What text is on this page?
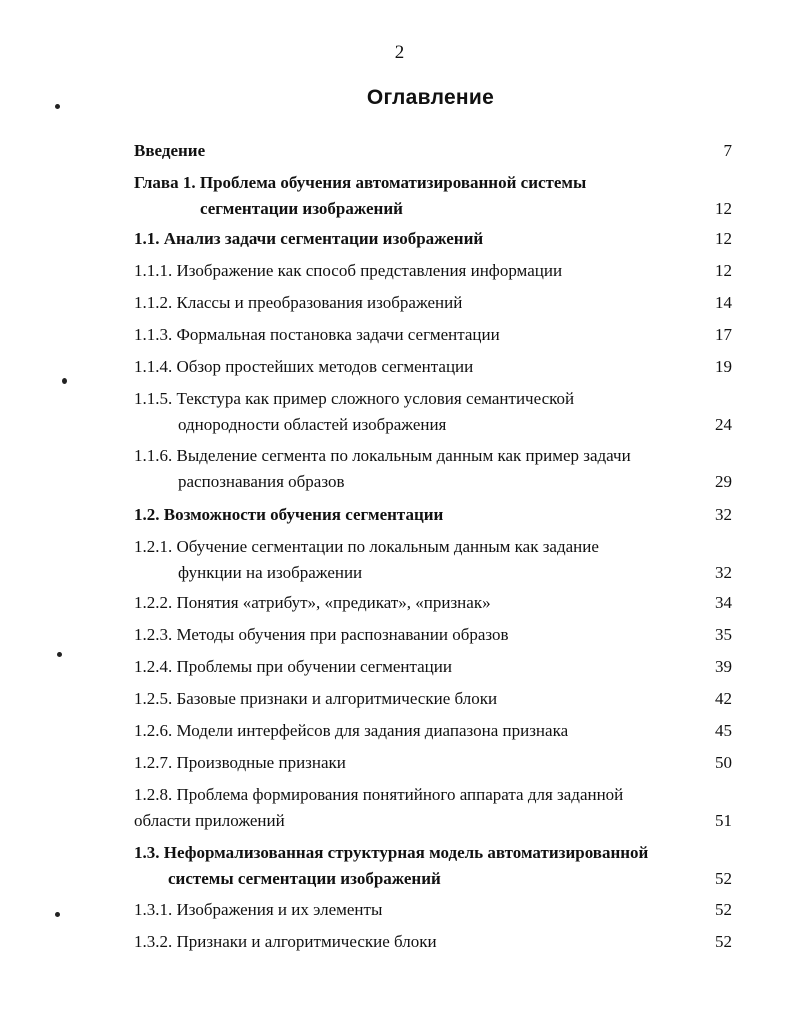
2
Оглавление
Введение	7
Глава 1. Проблема обучения автоматизированной системы
сегментации изображений	12
1.1. Анализ задачи сегментации изображений	12
1.1.1. Изображение как способ представления информации	12
1.1.2. Классы и преобразования изображений	14
1.1.3. Формальная постановка задачи сегментации	17
1.1.4. Обзор простейших методов сегментации	19
1.1.5. Текстура как пример сложного условия семантической
однородности областей изображения	24
1.1.6. Выделение сегмента по локальным данным как пример задачи
распознавания образов	29
1.2. Возможности обучения сегментации	32
1.2.1. Обучение сегментации по локальным данным как задание
функции на изображении	32
1.2.2. Понятия «атрибут», «предикат», «признак»	34
1.2.3. Методы обучения при распознавании образов	35
1.2.4. Проблемы при обучении сегментации	39
1.2.5. Базовые признаки и алгоритмические блоки	42
1.2.6. Модели интерфейсов для задания диапазона признака	45
1.2.7. Производные признаки	50
1.2.8. Проблема формирования понятийного аппарата для заданной
области приложений	51
1.3. Неформализованная структурная модель автоматизированной
системы сегментации изображений	52
1.3.1. Изображения и их элементы	52
1.3.2. Признаки и алгоритмические блоки	52
